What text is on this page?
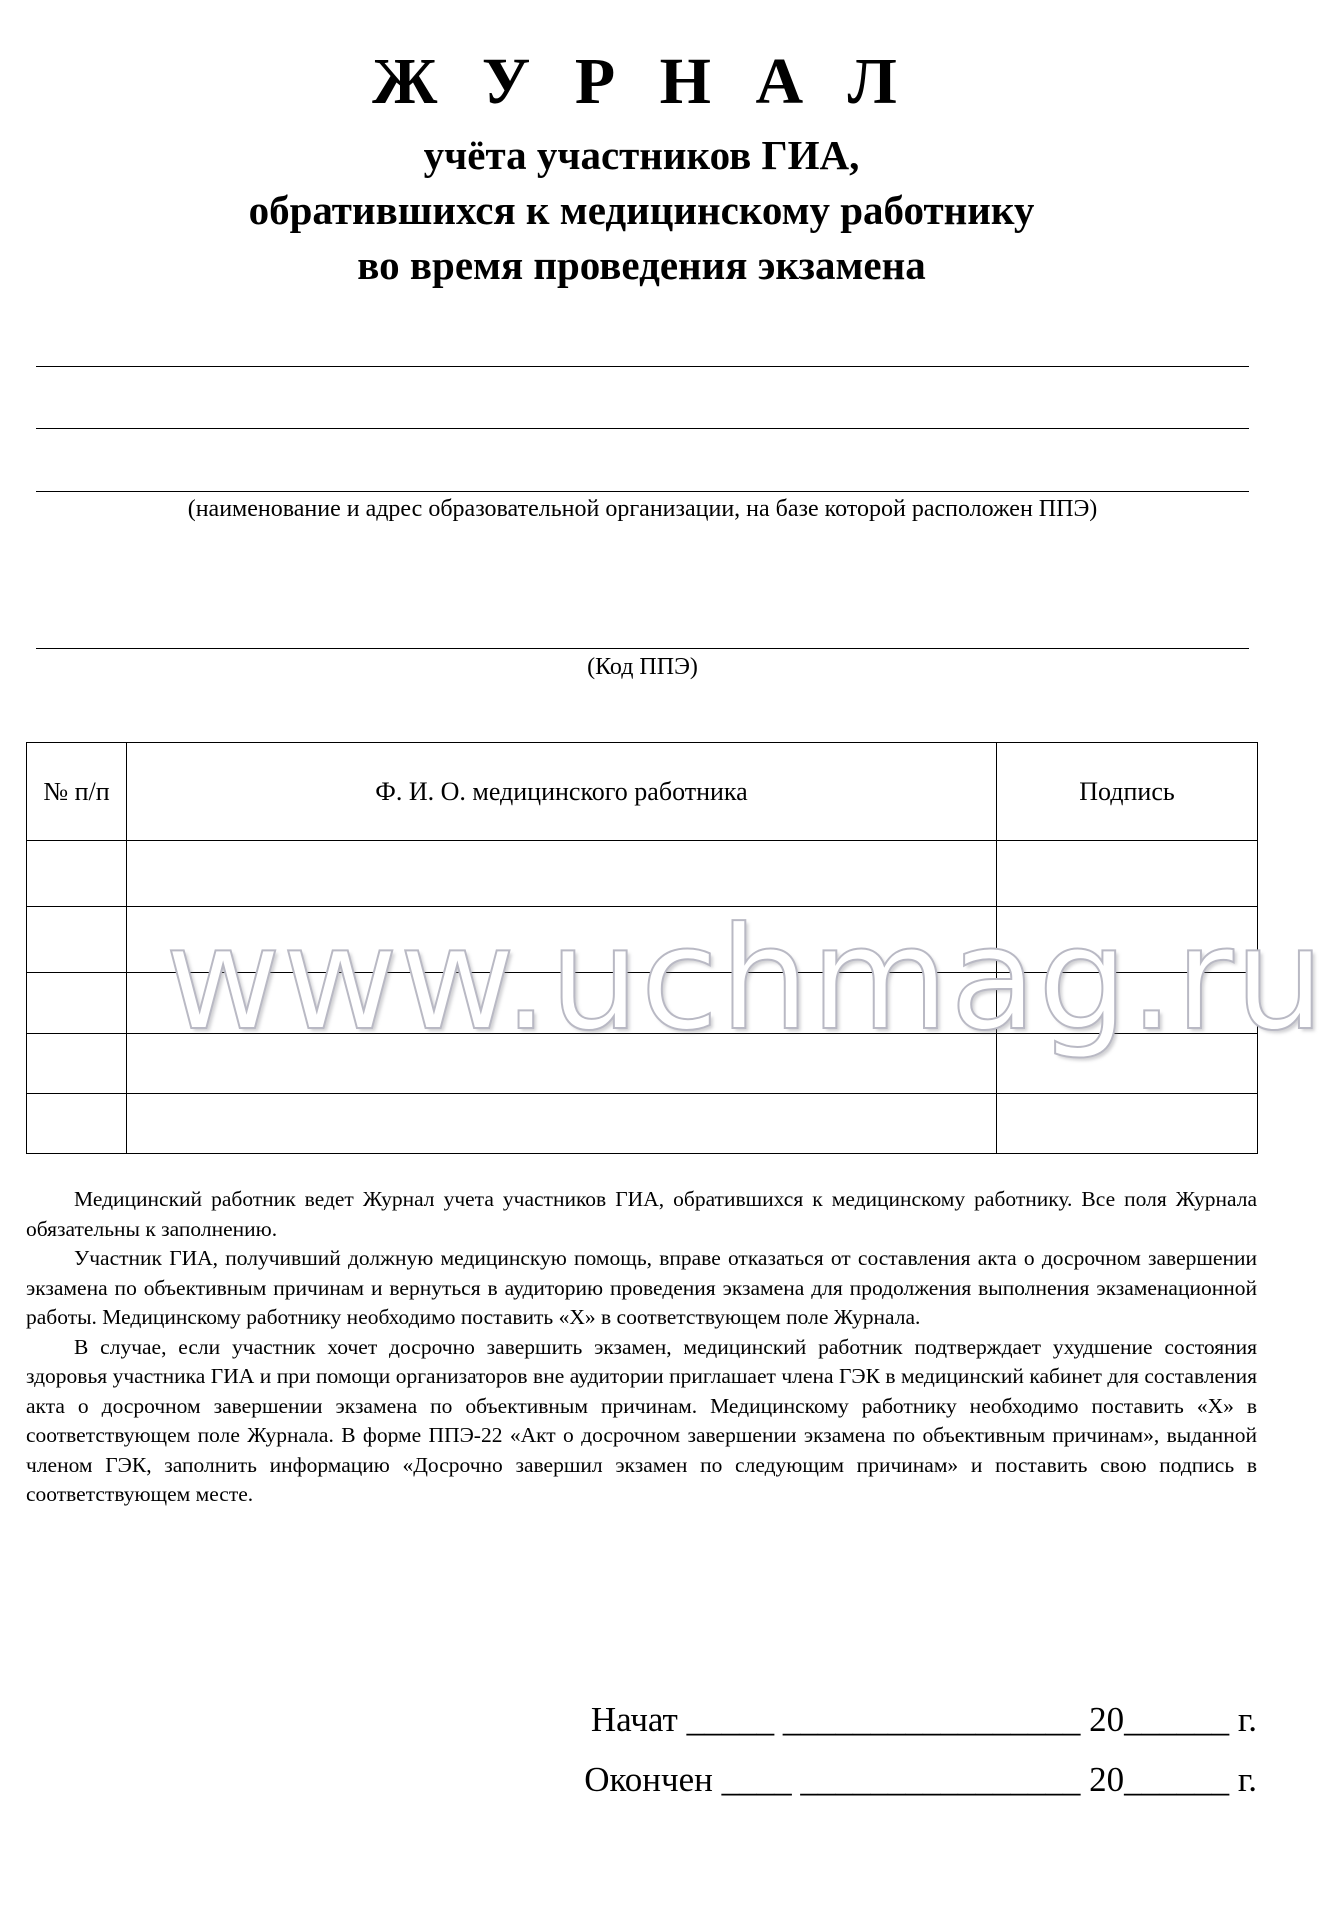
Ж У Р Н А Л
учёта участников ГИА,
обратившихся к медицинскому работнику
во время проведения экзамена
(наименование и адрес образовательной организации, на базе которой расположен ППЭ)
(Код ППЭ)
№ п/п	Ф. И. О. медицинского работника	Подпись

www.uchmag.ru

Медицинский работник ведет Журнал учета участников ГИА, обратившихся к медицинскому работнику. Все поля Журнала обязательны к заполнению.

Участник ГИА, получивший должную медицинскую помощь, вправе отказаться от составления акта о досрочном завершении экзамена по объективным причинам и вернуться в аудиторию проведения экзамена для продолжения выполнения экзаменационной работы. Медицинскому работнику необходимо поставить «X» в соответствующем поле Журнала.

В случае, если участник хочет досрочно завершить экзамен, медицинский работник подтверждает ухудшение состояния здоровья участника ГИА и при помощи организаторов вне аудитории приглашает члена ГЭК в медицинский кабинет для составления акта о досрочном завершении экзамена по объективным причинам. Медицинскому работнику необходимо поставить «X» в соответствующем поле Журнала. В форме ППЭ-22 «Акт о досрочном завершении экзамена по объективным причинам», выданной членом ГЭК, заполнить информацию «Досрочно завершил экзамен по следующим причинам» и поставить свою подпись в соответствующем месте.

Начат _____ _________________ 20______ г.
Окончен ____ ________________ 20______ г.
